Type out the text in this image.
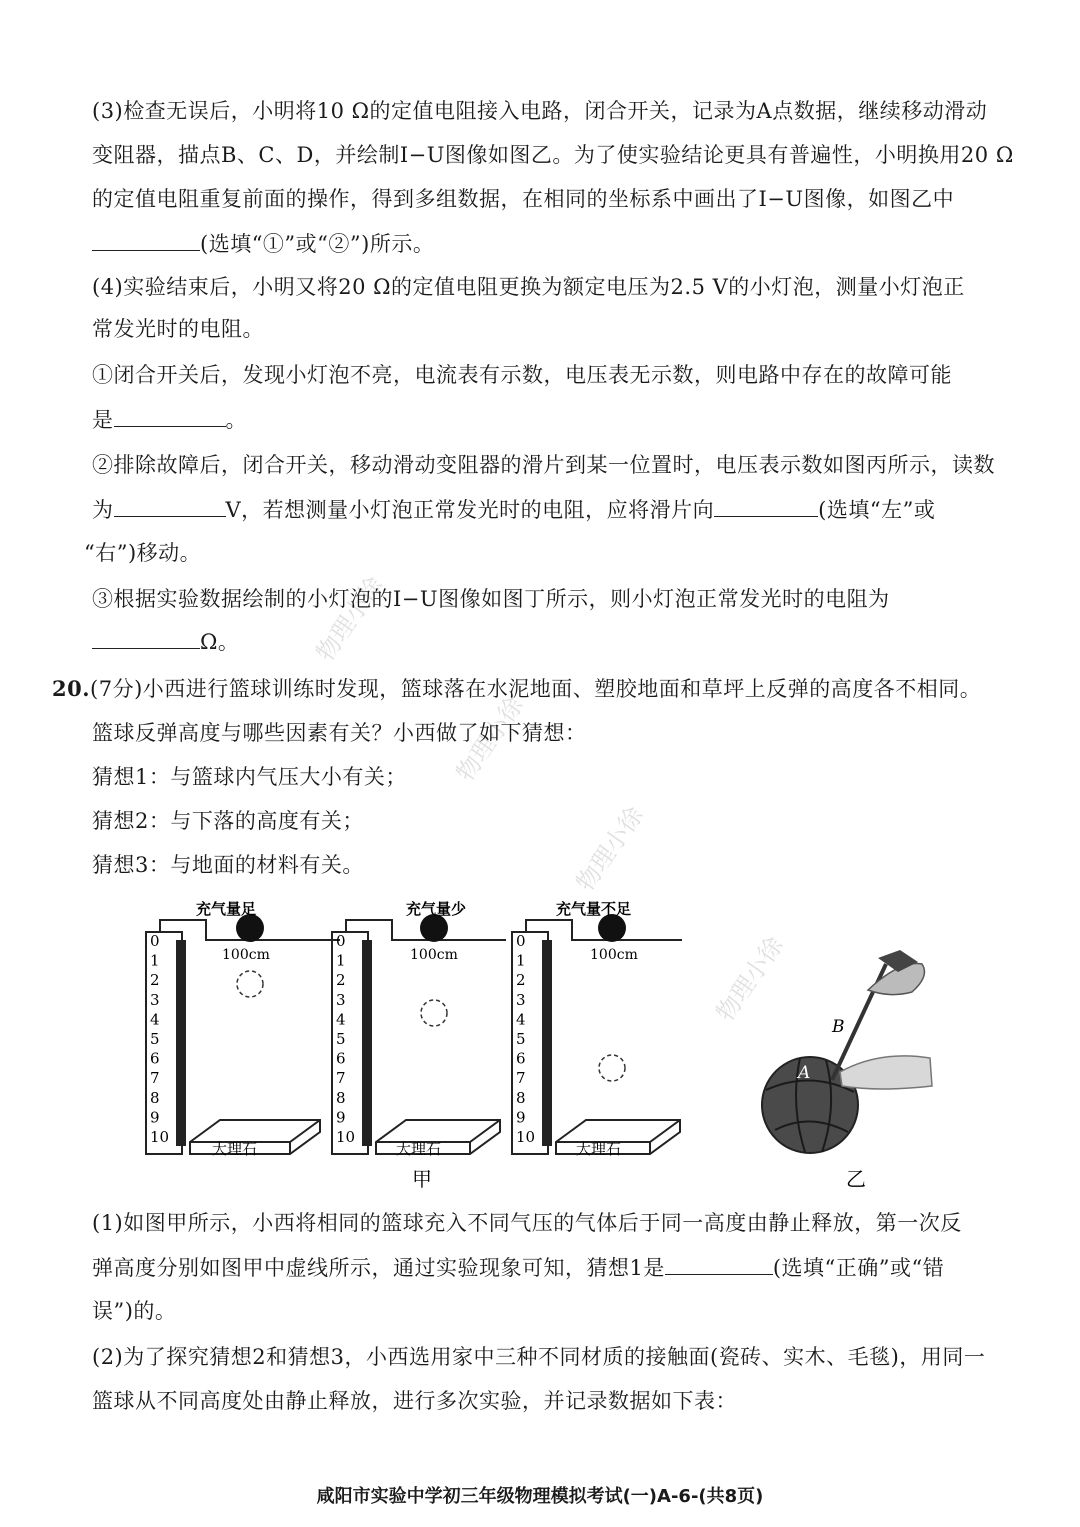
物理小徐
物理小徐
物理小徐
物理小徐
(3)检查无误后，小明将10 Ω的定值电阻接入电路，闭合开关，记录为A点数据，继续移动滑动
变阻器，描点B、C、D，并绘制I−U图像如图乙。为了使实验结论更具有普遍性，小明换用20 Ω
的定值电阻重复前面的操作，得到多组数据，在相同的坐标系中画出了I−U图像，如图乙中
(选填“①”或“②”)所示。
(4)实验结束后，小明又将20 Ω的定值电阻更换为额定电压为2.5 V的小灯泡，测量小灯泡正
常发光时的电阻。
①闭合开关后，发现小灯泡不亮，电流表有示数，电压表无示数，则电路中存在的故障可能
是	。
②排除故障后，闭合开关，移动滑动变阻器的滑片到某一位置时，电压表示数如图丙所示，读数
为	V，若想测量小灯泡正常发光时的电阻，应将滑片向	(选填“左”或
“右”)移动。
③根据实验数据绘制的小灯泡的I−U图像如图丁所示，则小灯泡正常发光时的电阻为
Ω。
20.(7分)小西进行篮球训练时发现，篮球落在水泥地面、塑胶地面和草坪上反弹的高度各不相同。
篮球反弹高度与哪些因素有关？小西做了如下猜想：
猜想1：与篮球内气压大小有关；
猜想2：与下落的高度有关；
猜想3：与地面的材料有关。
100cm
充气量足
大理石
0
1
2
3
4
5
6
7
8
9
10
100cm
充气量少
大理石
0
1
2
3
4
5
6
7
8
9
10
100cm
充气量不足
大理石
0
1
2
3
4
5
6
7
8
9
10
甲
B
A
乙
(1)如图甲所示，小西将相同的篮球充入不同气压的气体后于同一高度由静止释放，第一次反
弹高度分别如图甲中虚线所示，通过实验现象可知，猜想1是	(选填“正确”或“错
误”)的。
(2)为了探究猜想2和猜想3，小西选用家中三种不同材质的接触面(瓷砖、实木、毛毯)，用同一
篮球从不同高度处由静止释放，进行多次实验，并记录数据如下表：
咸阳市实验中学初三年级物理模拟考试(一)A-6-(共8页)
